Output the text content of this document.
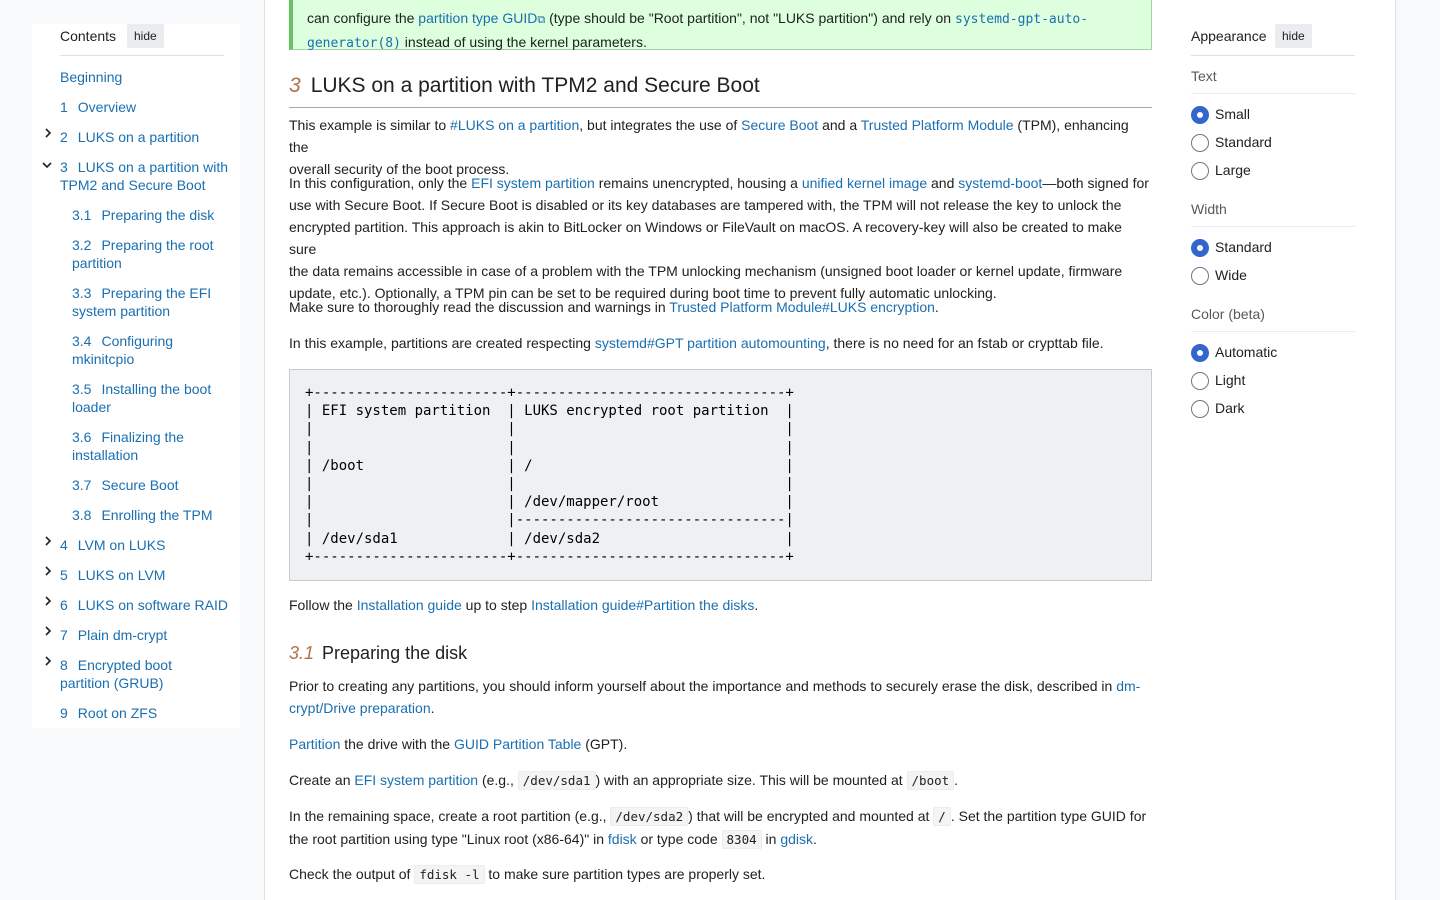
Contents	hide
Beginning
1 Overview
2 LUKS on a partition
3 LUKS on a partition with
TPM2 and Secure Boot
3.1 Preparing the disk
3.2 Preparing the root
partition
3.3 Preparing the EFI
system partition
3.4 Configuring
mkinitcpio
3.5 Installing the boot
loader
3.6 Finalizing the
installation
3.7 Secure Boot
3.8 Enrolling the TPM
4 LVM on LUKS
5 LUKS on LVM
6 LUKS on software RAID
7 Plain dm-crypt
8 Encrypted boot
partition (GRUB)
9 Root on ZFS
can configure the partition type GUID⧉ (type should be "Root partition", not "LUKS partition") and rely on systemd-gpt-auto-
generator(8) instead of using the kernel parameters.
3 LUKS on a partition with TPM2 and Secure Boot

This example is similar to #LUKS on a partition, but integrates the use of Secure Boot and a Trusted Platform Module (TPM), enhancing the
overall security of the boot process.

In this configuration, only the EFI system partition remains unencrypted, housing a unified kernel image and systemd-boot—both signed for
use with Secure Boot. If Secure Boot is disabled or its key databases are tampered with, the TPM will not release the key to unlock the
encrypted partition. This approach is akin to BitLocker on Windows or FileVault on macOS. A recovery-key will also be created to make sure
the data remains accessible in case of a problem with the TPM unlocking mechanism (unsigned boot loader or kernel update, firmware
update, etc.). Optionally, a TPM pin can be set to be required during boot time to prevent fully automatic unlocking.

Make sure to thoroughly read the discussion and warnings in Trusted Platform Module#LUKS encryption.

In this example, partitions are created respecting systemd#GPT partition automounting, there is no need for an fstab or crypttab file.

+-----------------------+--------------------------------+
| EFI system partition  | LUKS encrypted root partition  |
|                       |                                |
|                       |                                |
| /boot                 | /                              |
|                       |                                |
|                       | /dev/mapper/root               |
|                       |--------------------------------|
| /dev/sda1             | /dev/sda2                      |
+-----------------------+--------------------------------+

Follow the Installation guide up to step Installation guide#Partition the disks.

3.1 Preparing the disk

Prior to creating any partitions, you should inform yourself about the importance and methods to securely erase the disk, described in dm-
crypt/Drive preparation.

Partition the drive with the GUID Partition Table (GPT).

Create an EFI system partition (e.g., /dev/sda1 ) with an appropriate size. This will be mounted at /boot .

In the remaining space, create a root partition (e.g., /dev/sda2 ) that will be encrypted and mounted at / . Set the partition type GUID for
the root partition using type "Linux root (x86-64)" in fdisk or type code 8304 in gdisk.

Check the output of fdisk -l to make sure partition types are properly set.

Appearance	hide
Text
Small
Standard
Large
Width
Standard
Wide
Color (beta)
Automatic
Light
Dark
